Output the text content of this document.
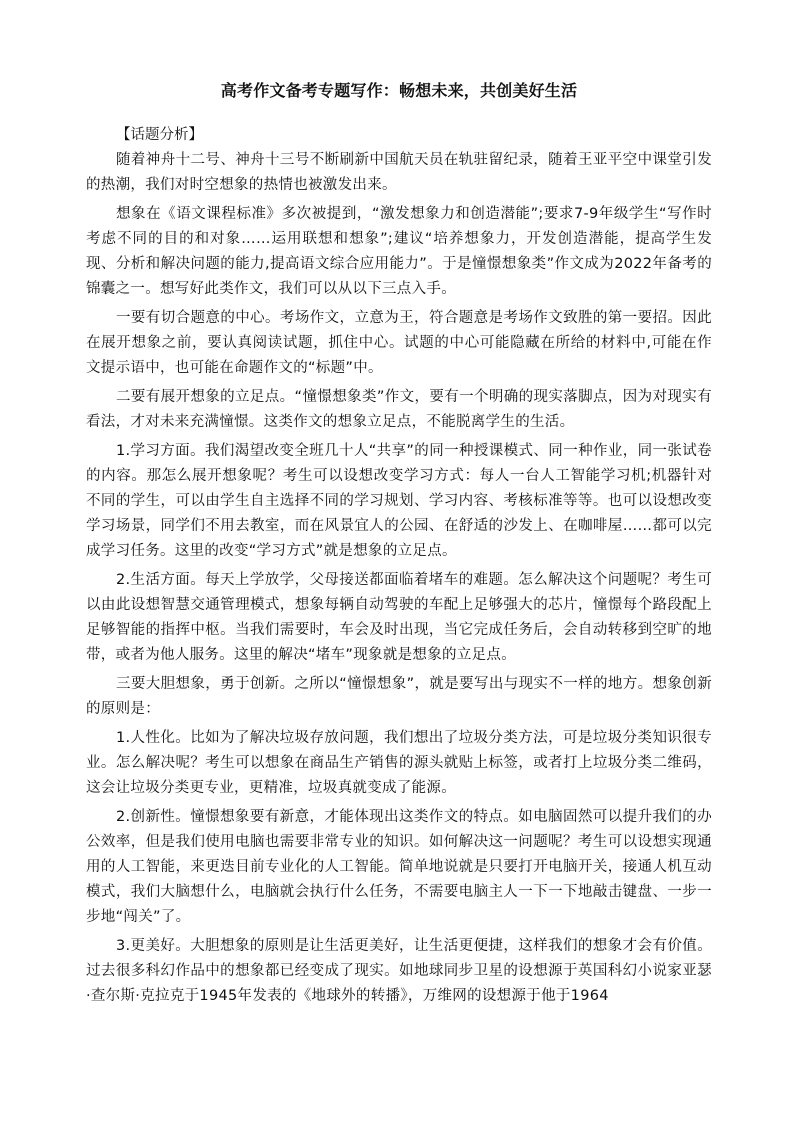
高考作文备考专题写作：畅想未来，共创美好生活
【话题分析】

随着神舟十二号、神舟十三号不断刷新中国航天员在轨驻留纪录，随着王亚平空中课堂引发的热潮，我们对时空想象的热情也被激发出来。

想象在《语文课程标准》多次被提到，“激发想象力和创造潜能”;要求7-9年级学生“写作时考虑不同的目的和对象……运用联想和想象”;建议“培养想象力，开发创造潜能，提高学生发现、分析和解决问题的能力,提高语文综合应用能力”。于是憧憬想象类”作文成为2022年备考的锦囊之一。想写好此类作文，我们可以从以下三点入手。

一要有切合题意的中心。考场作文，立意为王，符合题意是考场作文致胜的第一要招。因此在展开想象之前，要认真阅读试题，抓住中心。试题的中心可能隐藏在所给的材料中,可能在作文提示语中，也可能在命题作文的“标题”中。

二要有展开想象的立足点。“憧憬想象类”作文，要有一个明确的现实落脚点，因为对现实有看法，才对未来充满憧憬。这类作文的想象立足点，不能脱离学生的生活。

1.学习方面。我们渴望改变全班几十人“共享”的同一种授课模式、同一种作业，同一张试卷的内容。那怎么展开想象呢？考生可以设想改变学习方式：每人一台人工智能学习机;机器针对不同的学生，可以由学生自主选择不同的学习规划、学习内容、考核标准等等。也可以设想改变学习场景，同学们不用去教室，而在风景宜人的公园、在舒适的沙发上、在咖啡屋……都可以完成学习任务。这里的改变“学习方式”就是想象的立足点。

2.生活方面。每天上学放学，父母接送都面临着堵车的难题。怎么解决这个问题呢？考生可以由此设想智慧交通管理模式，想象每辆自动驾驶的车配上足够强大的芯片，憧憬每个路段配上足够智能的指挥中枢。当我们需要时，车会及时出现，当它完成任务后，会自动转移到空旷的地带，或者为他人服务。这里的解决“堵车”现象就是想象的立足点。

三要大胆想象，勇于创新。之所以“憧憬想象”，就是要写出与现实不一样的地方。想象创新的原则是：

1.人性化。比如为了解决垃圾存放问题，我们想出了垃圾分类方法，可是垃圾分类知识很专业。怎么解决呢？考生可以想象在商品生产销售的源头就贴上标签，或者打上垃圾分类二维码，这会让垃圾分类更专业，更精准，垃圾真就变成了能源。

2.创新性。憧憬想象要有新意，才能体现出这类作文的特点。如电脑固然可以提升我们的办公效率，但是我们使用电脑也需要非常专业的知识。如何解决这一问题呢？考生可以设想实现通用的人工智能，来更迭目前专业化的人工智能。简单地说就是只要打开电脑开关，接通人机互动模式，我们大脑想什么，电脑就会执行什么任务，不需要电脑主人一下一下地敲击键盘、一步一步地“闯关”了。

3.更美好。大胆想象的原则是让生活更美好，让生活更便捷，这样我们的想象才会有价值。过去很多科幻作品中的想象都已经变成了现实。如地球同步卫星的设想源于英国科幻小说家亚瑟·查尔斯·克拉克于1945年发表的《地球外的转播》，万维网的设想源于他于1964
